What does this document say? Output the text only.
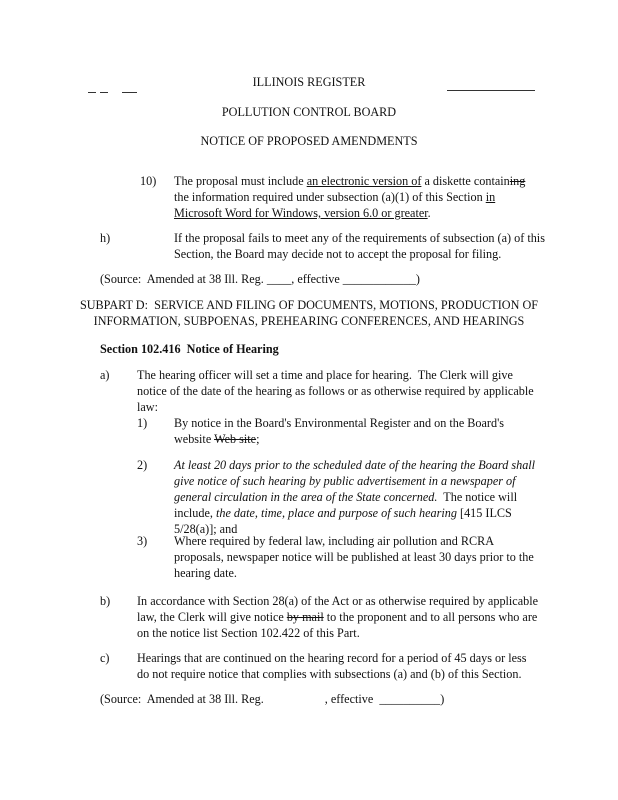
ILLINOIS REGISTER
POLLUTION CONTROL BOARD
NOTICE OF PROPOSED AMENDMENTS
10) The proposal must include an electronic version of a diskette containing
the information required under subsection (a)(1) of this Section in
Microsoft Word for Windows, version 6.0 or greater.
h)	If the proposal fails to meet any of the requirements of subsection (a) of this
Section, the Board may decide not to accept the proposal for filing.
(Source:  Amended at 38 Ill. Reg. ____, effective ____________)
SUBPART D:  SERVICE AND FILING OF DOCUMENTS, MOTIONS, PRODUCTION OF
INFORMATION, SUBPOENAS, PREHEARING CONFERENCES, AND HEARINGS
Section 102.416  Notice of Hearing
a) The hearing officer will set a time and place for hearing.  The Clerk will give
notice of the date of the hearing as follows or as otherwise required by applicable
law:
1) By notice in the Board's Environmental Register and on the Board's
website Web site;
2) At least 20 days prior to the scheduled date of the hearing the Board shall
give notice of such hearing by public advertisement in a newspaper of
general circulation in the area of the State concerned.  The notice will
include, the date, time, place and purpose of such hearing [415 ILCS
5/28(a)]; and
3) Where required by federal law, including air pollution and RCRA
proposals, newspaper notice will be published at least 30 days prior to the
hearing date.
b) In accordance with Section 28(a) of the Act or as otherwise required by applicable
law, the Clerk will give notice by mail to the proponent and to all persons who are
on the notice list Section 102.422 of this Part.
c) Hearings that are continued on the hearing record for a period of 45 days or less
do not require notice that complies with subsections (a) and (b) of this Section.
(Source:  Amended at 38 Ill. Reg.                    , effective  __________)
